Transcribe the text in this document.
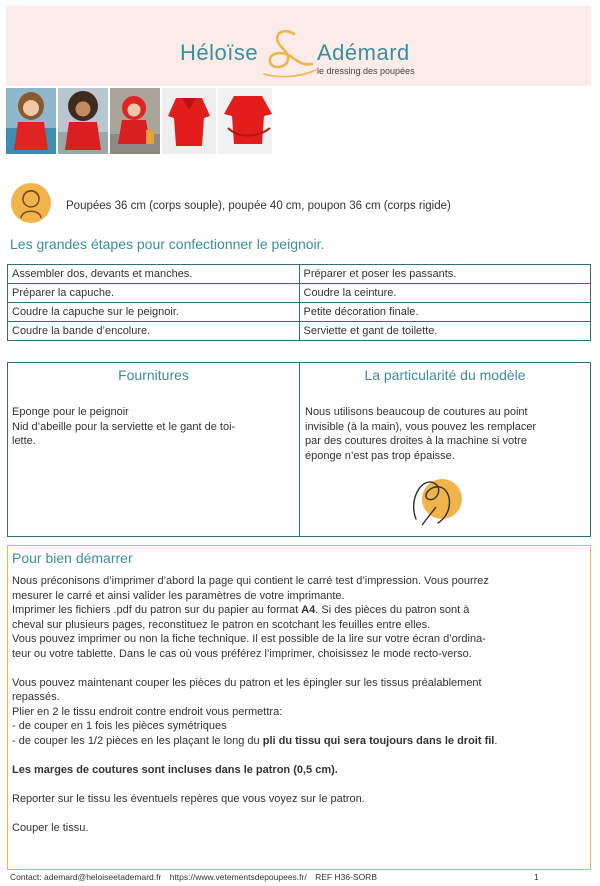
Héloïse	Adémard
le dressing des poupées
Poupées 36 cm (corps souple), poupée 40 cm, poupon 36 cm (corps rigide)
Les grandes étapes pour confectionner le peignoir.
Assembler dos, devants et manches.	Préparer et poser les passants.
Préparer la capuche.	Coudre la ceinture.
Coudre la capuche sur le peignoir.	Petite décoration finale.
Coudre la bande d’encolure.	Serviette et gant de toilette.
Fournitures
Eponge pour le peignoir
Nid d’abeille pour la serviette et le gant de toi-
lette.
La particularité du modèle
Nous utilisons beaucoup de coutures au point
invisible (à la main), vous pouvez les remplacer
par des coutures droites à la machine si votre
éponge n’est pas trop épaisse.
Pour bien démarrer

Nous préconisons d’imprimer d’abord la page qui contient le carré test d’impression. Vous pourrez

mesurer le carré et ainsi valider les paramètres de votre imprimante.

Imprimer les fichiers .pdf du patron sur du papier au format A4. Si des pièces du patron sont à

cheval sur plusieurs pages, reconstituez le patron en scotchant les feuilles entre elles.

Vous pouvez imprimer ou non la fiche technique. Il est possible de la lire sur votre écran d’ordina-

teur ou votre tablette. Dans le cas où vous préférez l’imprimer, choisissez le mode recto-verso.

Vous pouvez maintenant couper les pièces du patron et les épingler sur les tissus préalablement

repassés.

Plier en 2 le tissu endroit contre endroit vous permettra:

- de couper en 1 fois les pièces symétriques

- de couper les 1/2 pièces en les plaçant le long du pli du tissu qui sera toujours dans le droit fil.

Les marges de coutures sont incluses dans le patron (0,5 cm).

Reporter sur le tissu les éventuels repères que vous voyez sur le patron.

Couper le tissu.

Contact: ademard@heloiseetademard.fr https://www.vetementsdepoupees.fr/ REF H36-SORB	1
